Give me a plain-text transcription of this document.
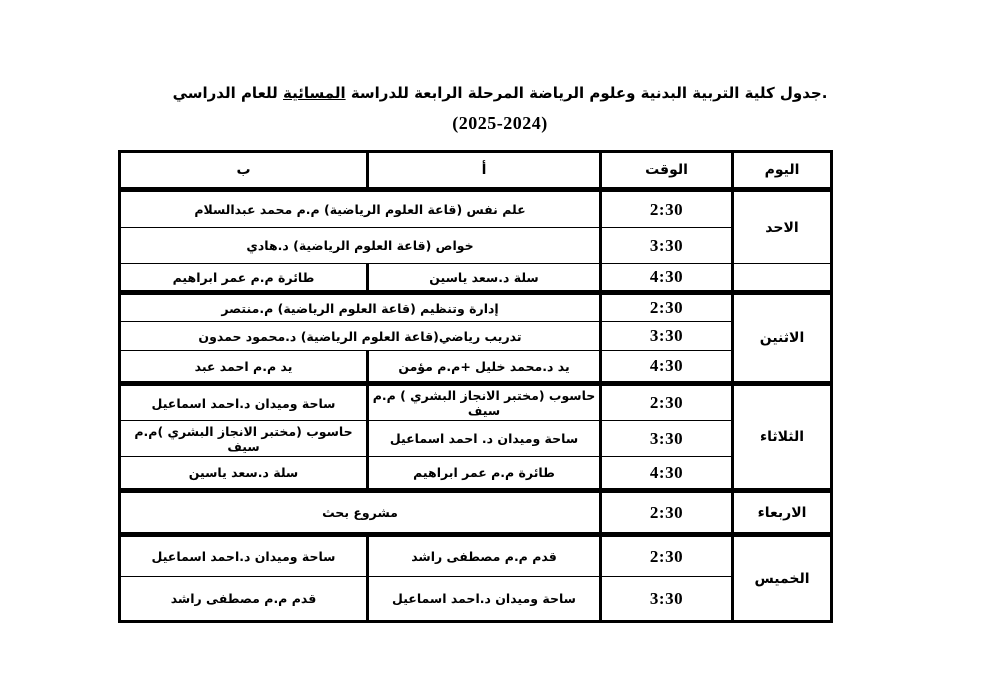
.جدول كلية التربية البدنية وعلوم الرياضة المرحلة الرابعة للدراسة المسائية للعام الدراسي
(2025-2024)
اليوم	الوقت	أ	ب
الاحد	2:30	علم نفس (قاعة العلوم الرياضية) م.م محمد عبدالسلام	
	3:30	خواص (قاعة العلوم الرياضية) د.هادي	
	4:30	سلة د.سعد ياسين	طائرة م.م عمر ابراهيم
الاثنين	2:30	إدارة وتنظيم (قاعة العلوم الرياضية) م.منتصر	
	3:30	تدريب رياضي(قاعة العلوم الرياضية) د.محمود حمدون	
	4:30	يد د.محمد خليل +م.م مؤمن	يد م.م احمد عبد
الثلاثاء	2:30	حاسوب (مختبر الانجاز البشري ) م.م سيف	ساحة وميدان د.احمد اسماعيل
	3:30	ساحة وميدان د. احمد اسماعيل	حاسوب (مختبر الانجاز البشري )م.م سيف
	4:30	طائرة م.م عمر ابراهيم	سلة د.سعد ياسين
الاربعاء	2:30	مشروع بحث	
الخميس	2:30	قدم م.م مصطفى راشد	ساحة وميدان د.احمد اسماعيل
	3:30	ساحة وميدان د.احمد اسماعيل	قدم م.م مصطفى راشد
